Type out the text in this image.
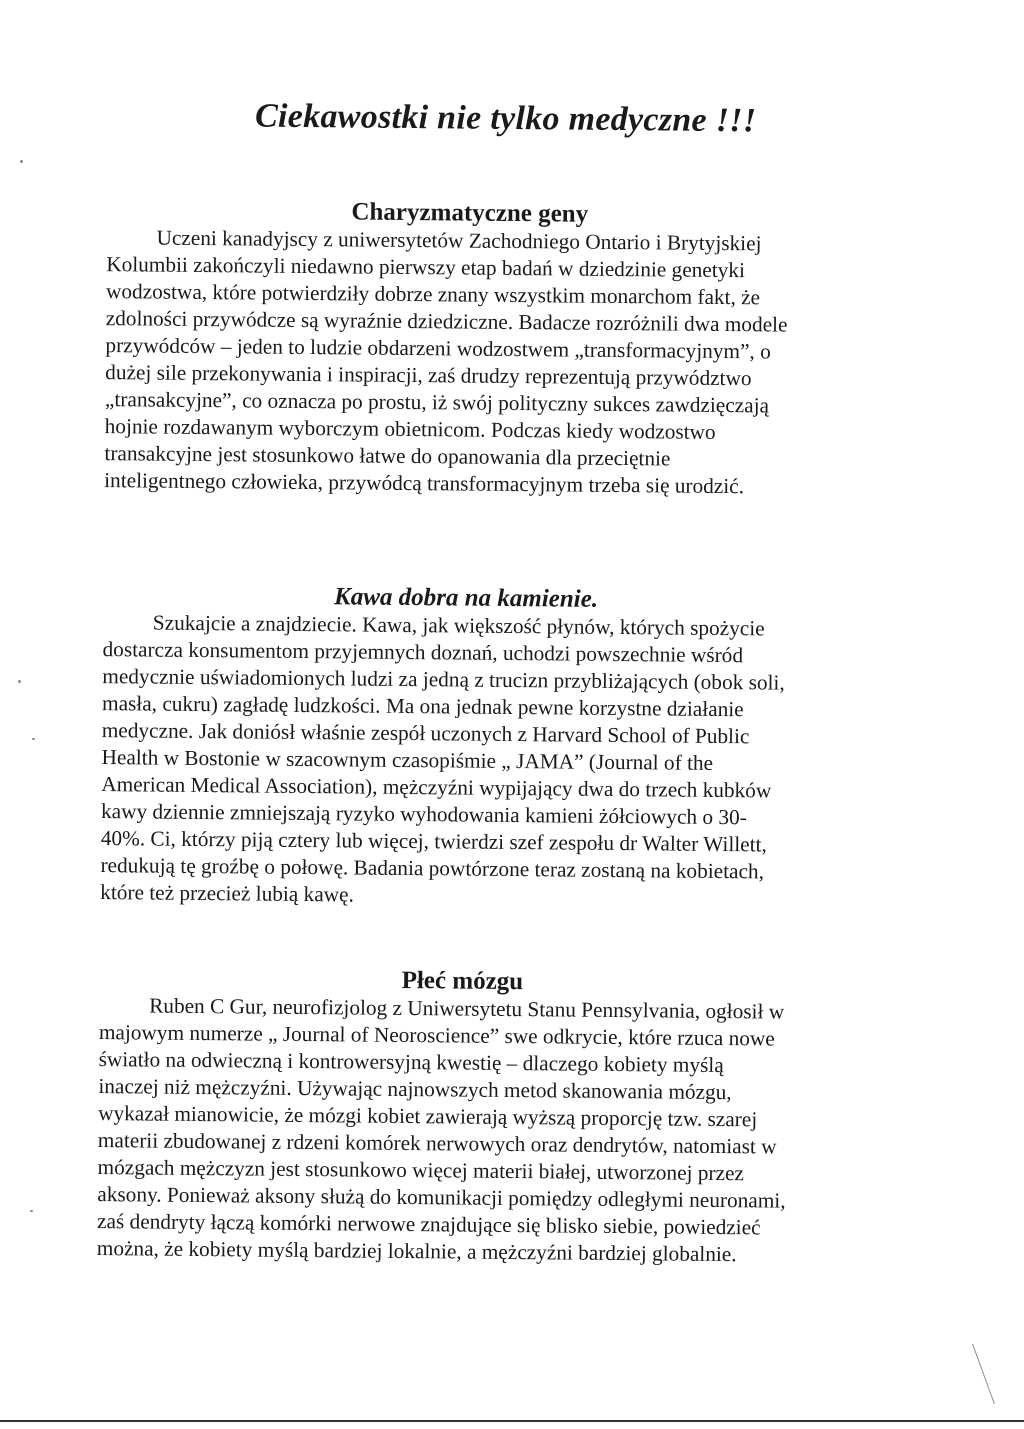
Ciekawostki nie tylko medyczne !!!
Charyzmatyczne geny
Uczeni kanadyjscy z uniwersytetów Zachodniego Ontario i Brytyjskiej
Kolumbii zakończyli niedawno pierwszy etap badań w dziedzinie genetyki
wodzostwa, które potwierdziły dobrze znany wszystkim monarchom fakt, że
zdolności przywódcze są wyraźnie dziedziczne. Badacze rozróżnili dwa modele
przywódców – jeden to ludzie obdarzeni wodzostwem „transformacyjnym”, o
dużej sile przekonywania i inspiracji, zaś drudzy reprezentują przywództwo
„transakcyjne”, co oznacza po prostu, iż swój polityczny sukces zawdzięczają
hojnie rozdawanym wyborczym obietnicom. Podczas kiedy wodzostwo
transakcyjne jest stosunkowo łatwe do opanowania dla przeciętnie
inteligentnego człowieka, przywódcą transformacyjnym trzeba się urodzić.
Kawa dobra na kamienie.
Szukajcie a znajdziecie. Kawa, jak większość płynów, których spożycie
dostarcza konsumentom przyjemnych doznań, uchodzi powszechnie wśród
medycznie uświadomionych ludzi za jedną z trucizn przybliżających (obok soli,
masła, cukru) zagładę ludzkości. Ma ona jednak pewne korzystne działanie
medyczne. Jak doniósł właśnie zespół uczonych z Harvard School of Public
Health w Bostonie w szacownym czasopiśmie „ JAMA” (Journal of the
American Medical Association), mężczyźni wypijający dwa do trzech kubków
kawy dziennie zmniejszają ryzyko wyhodowania kamieni żółciowych o 30-
40%. Ci, którzy piją cztery lub więcej, twierdzi szef zespołu dr Walter Willett,
redukują tę groźbę o połowę. Badania powtórzone teraz zostaną na kobietach,
które też przecież lubią kawę.
Płeć mózgu
Ruben C Gur, neurofizjolog z Uniwersytetu Stanu Pennsylvania, ogłosił w
majowym numerze „ Journal of Neoroscience” swe odkrycie, które rzuca nowe
światło na odwieczną i kontrowersyjną kwestię – dlaczego kobiety myślą
inaczej niż mężczyźni. Używając najnowszych metod skanowania mózgu,
wykazał mianowicie, że mózgi kobiet zawierają wyższą proporcję tzw. szarej
materii zbudowanej z rdzeni komórek nerwowych oraz dendrytów, natomiast w
mózgach mężczyzn jest stosunkowo więcej materii białej, utworzonej przez
aksony. Ponieważ aksony służą do komunikacji pomiędzy odległymi neuronami,
zaś dendryty łączą komórki nerwowe znajdujące się blisko siebie, powiedzieć
można, że kobiety myślą bardziej lokalnie, a mężczyźni bardziej globalnie.
